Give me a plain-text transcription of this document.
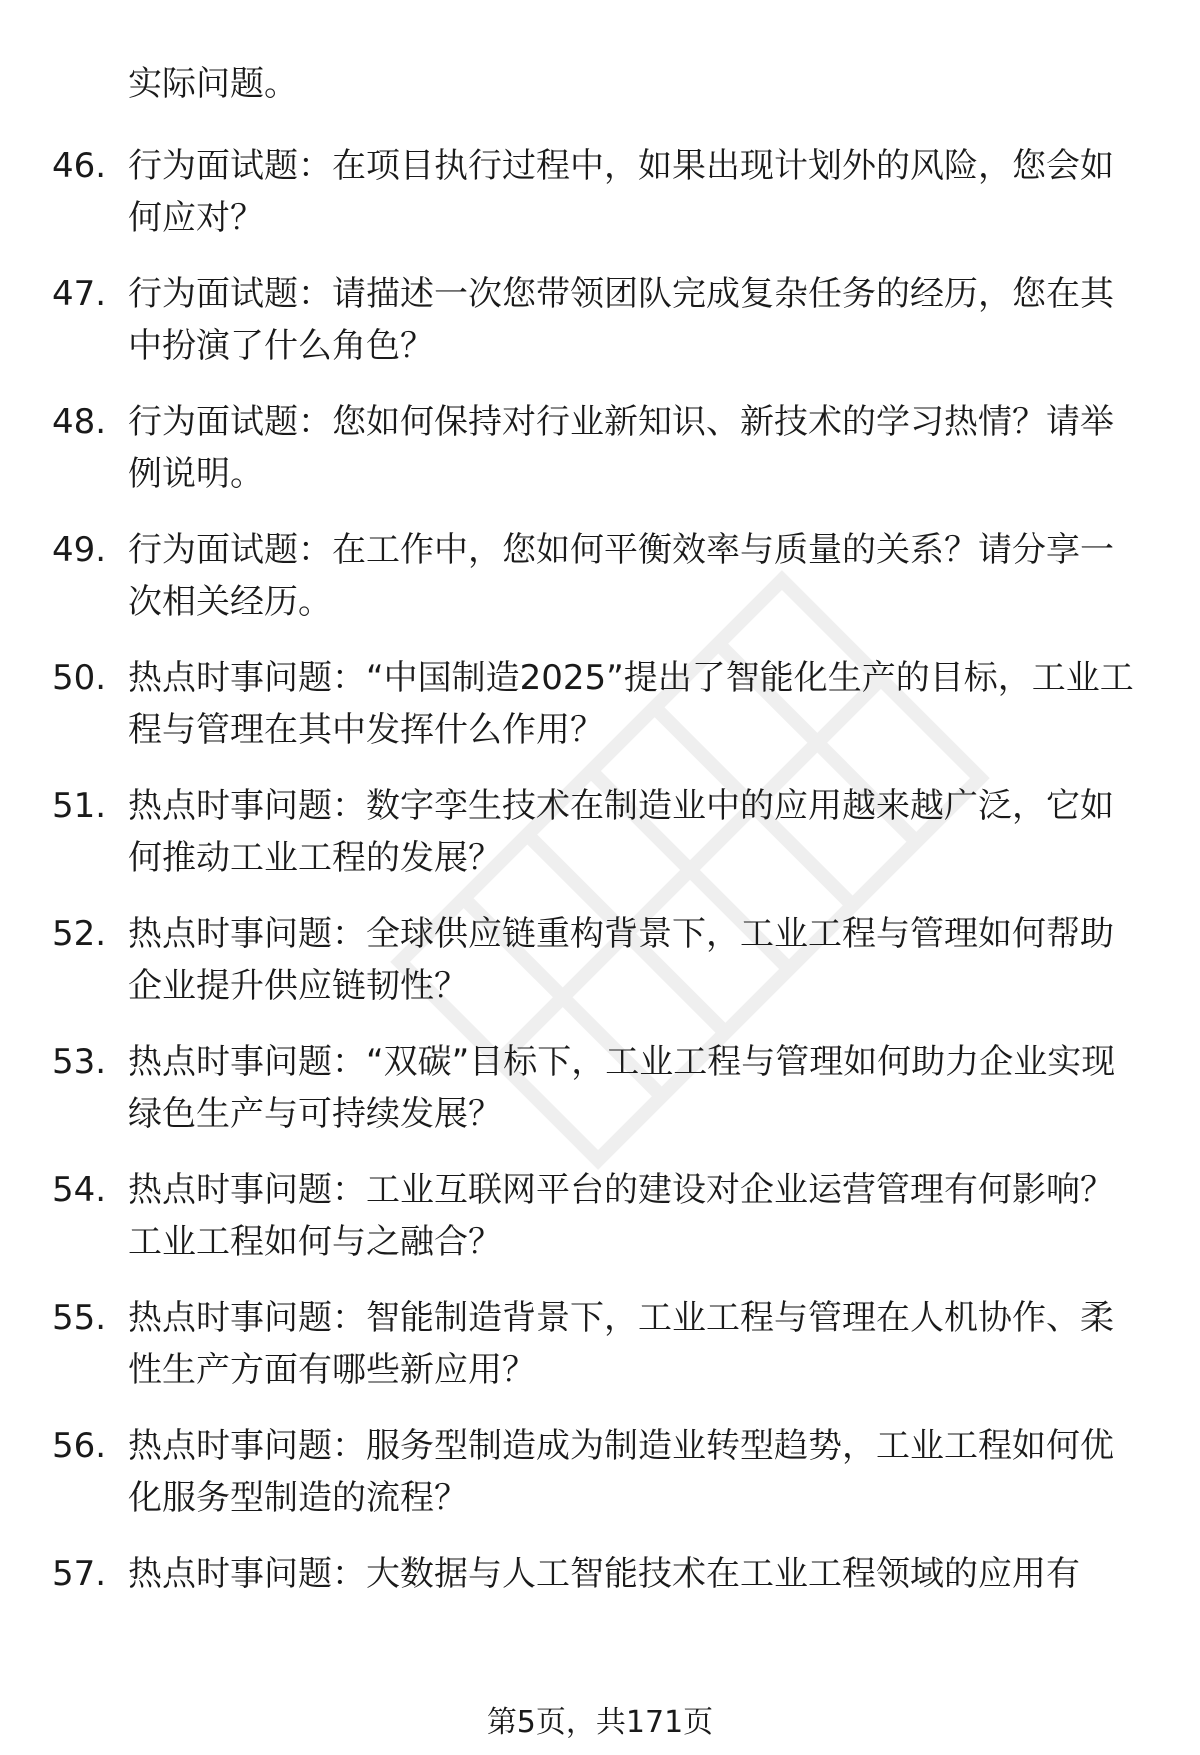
实际问题。
46. 行为面试题：在项目执行过程中，如果出现计划外的风险，您会如何应对？
47. 行为面试题：请描述一次您带领团队完成复杂任务的经历，您在其中扮演了什么角色？
48. 行为面试题：您如何保持对行业新知识、新技术的学习热情？请举例说明。
49. 行为面试题：在工作中，您如何平衡效率与质量的关系？请分享一次相关经历。
50. 热点时事问题：“中国制造2025”提出了智能化生产的目标，工业工程与管理在其中发挥什么作用？
51. 热点时事问题：数字孪生技术在制造业中的应用越来越广泛，它如何推动工业工程的发展？
52. 热点时事问题：全球供应链重构背景下，工业工程与管理如何帮助企业提升供应链韧性？
53. 热点时事问题：“双碳”目标下，工业工程与管理如何助力企业实现绿色生产与可持续发展？
54. 热点时事问题：工业互联网平台的建设对企业运营管理有何影响？工业工程如何与之融合？
55. 热点时事问题：智能制造背景下，工业工程与管理在人机协作、柔性生产方面有哪些新应用？
56. 热点时事问题：服务型制造成为制造业转型趋势，工业工程如何优化服务型制造的流程？
57. 热点时事问题：大数据与人工智能技术在工业工程领域的应用有
第5页，共171页
